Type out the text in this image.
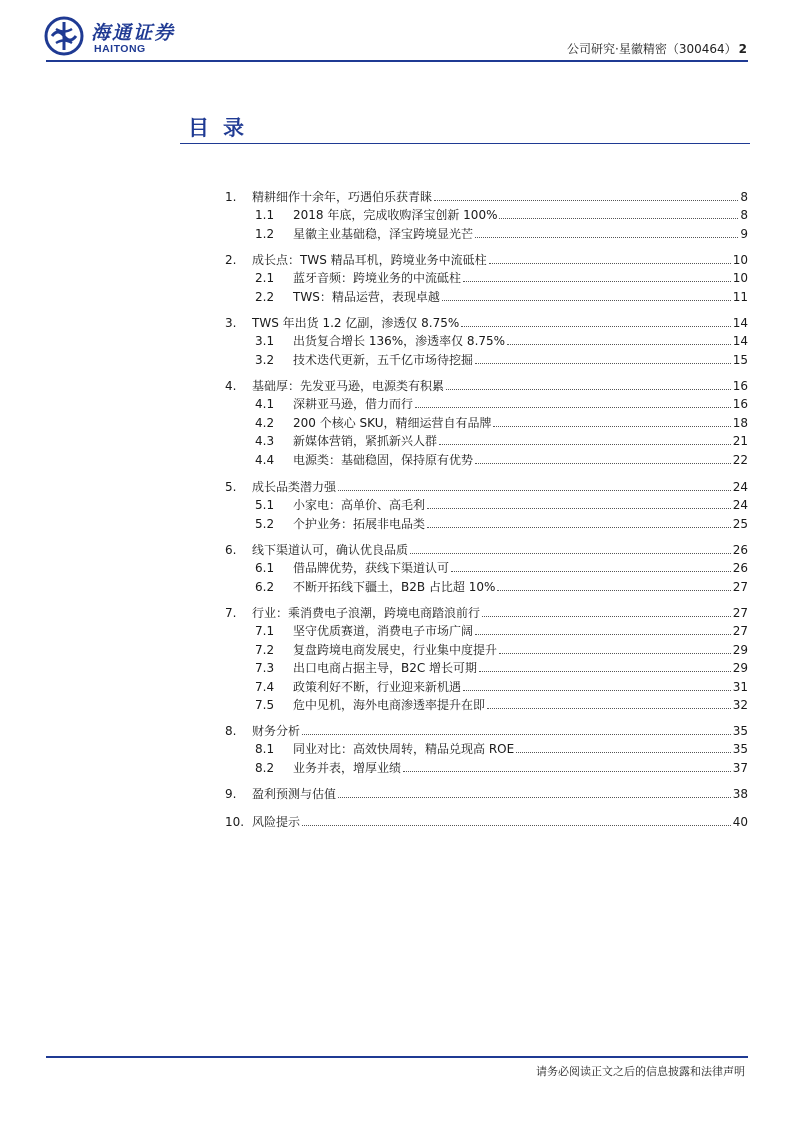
海通证券
HAITONG	公司研究·星徽精密（300464） 2
目录
1.	精耕细作十余年，巧遇伯乐获青睐	8
1.1	2018 年底，完成收购泽宝创新 100%	8
1.2	星徽主业基础稳，泽宝跨境显光芒	9
2.	成长点：TWS 精品耳机，跨境业务中流砥柱	10
2.1	蓝牙音频：跨境业务的中流砥柱	10
2.2	TWS：精品运营，表现卓越	11
3.	TWS 年出货 1.2 亿副，渗透仅 8.75%	14
3.1	出货复合增长 136%，渗透率仅 8.75%	14
3.2	技术迭代更新，五千亿市场待挖掘	15
4.	基础厚：先发亚马逊，电源类有积累	16
4.1	深耕亚马逊，借力而行	16
4.2	200 个核心 SKU，精细运营自有品牌	18
4.3	新媒体营销，紧抓新兴人群	21
4.4	电源类：基础稳固，保持原有优势	22
5.	成长品类潜力强	24
5.1	小家电：高单价、高毛利	24
5.2	个护业务：拓展非电品类	25
6.	线下渠道认可，确认优良品质	26
6.1	借品牌优势，获线下渠道认可	26
6.2	不断开拓线下疆土，B2B 占比超 10%	27
7.	行业：乘消费电子浪潮，跨境电商踏浪前行	27
7.1	坚守优质赛道，消费电子市场广阔	27
7.2	复盘跨境电商发展史，行业集中度提升	29
7.3	出口电商占据主导，B2C 增长可期	29
7.4	政策利好不断，行业迎来新机遇	31
7.5	危中见机，海外电商渗透率提升在即	32
8.	财务分析	35
8.1	同业对比：高效快周转，精品兑现高 ROE	35
8.2	业务并表，增厚业绩	37
9.	盈利预测与估值	38
10. 风险提示	40
请务必阅读正文之后的信息披露和法律声明
